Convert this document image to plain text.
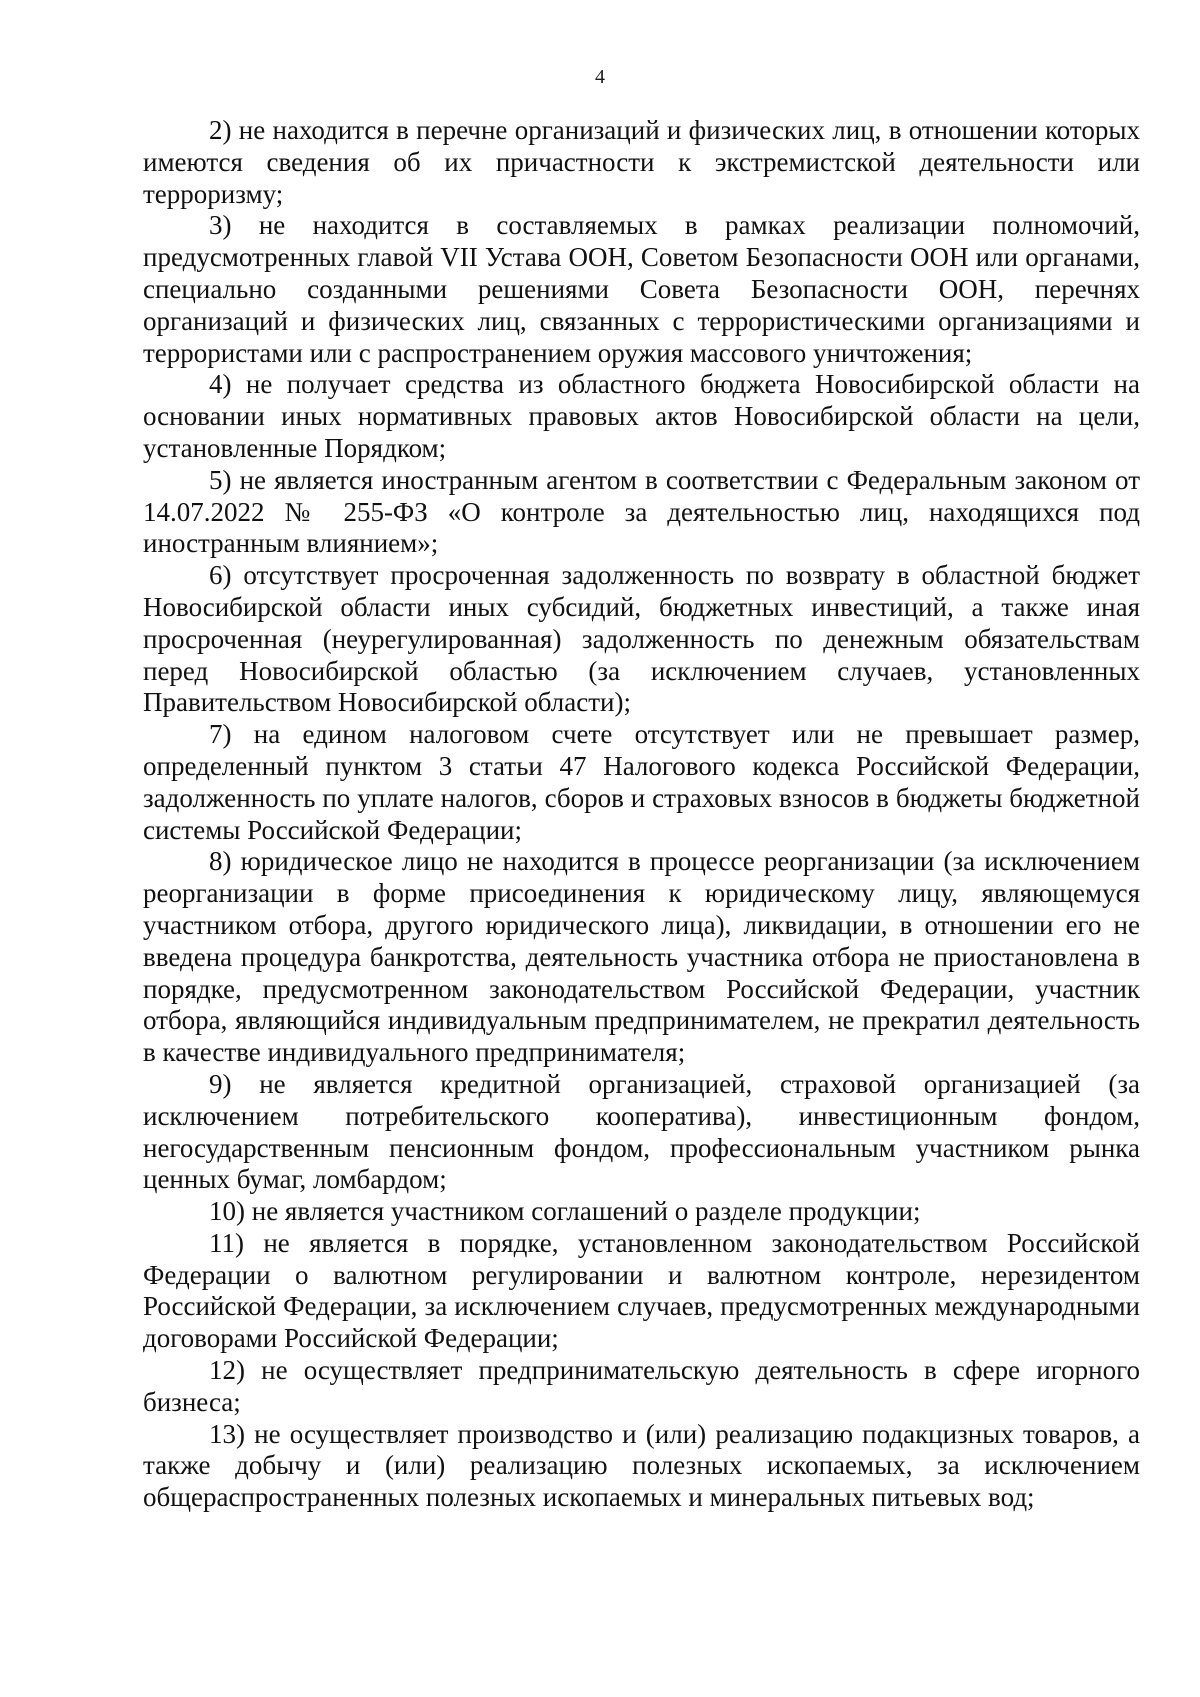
4

2) не находится в перечне организаций и физических лиц, в отношении которых имеются сведения об их причастности к экстремистской деятельности или терроризму;

3) не находится в составляемых в рамках реализации полномочий, предусмотренных главой VII Устава ООН, Советом Безопасности ООН или органами, специально созданными решениями Совета Безопасности ООН, перечнях организаций и физических лиц, связанных с террористическими организациями и террористами или с распространением оружия массового уничтожения;

4) не получает средства из областного бюджета Новосибирской области на основании иных нормативных правовых актов Новосибирской области на цели, установленные Порядком;

5) не является иностранным агентом в соответствии с Федеральным законом от 14.07.2022 № 255-ФЗ «О контроле за деятельностью лиц, находящихся под иностранным влиянием»;

6) отсутствует просроченная задолженность по возврату в областной бюджет Новосибирской области иных субсидий, бюджетных инвестиций, а также иная просроченная (неурегулированная) задолженность по денежным обязательствам перед Новосибирской областью (за исключением случаев, установленных Правительством Новосибирской области);

7) на едином налоговом счете отсутствует или не превышает размер, определенный пунктом 3 статьи 47 Налогового кодекса Российской Федерации, задолженность по уплате налогов, сборов и страховых взносов в бюджеты бюджетной системы Российской Федерации;

8) юридическое лицо не находится в процессе реорганизации (за исключением реорганизации в форме присоединения к юридическому лицу, являющемуся участником отбора, другого юридического лица), ликвидации, в отношении его не введена процедура банкротства, деятельность участника отбора не приостановлена в порядке, предусмотренном законодательством Российской Федерации, участник отбора, являющийся индивидуальным предпринимателем, не прекратил деятельность в качестве индивидуального предпринимателя;

9) не является кредитной организацией, страховой организацией (за исключением потребительского кооператива), инвестиционным фондом, негосударственным пенсионным фондом, профессиональным участником рынка ценных бумаг, ломбардом;

10) не является участником соглашений о разделе продукции;

11) не является в порядке, установленном законодательством Российской Федерации о валютном регулировании и валютном контроле, нерезидентом Российской Федерации, за исключением случаев, предусмотренных международными договорами Российской Федерации;

12) не осуществляет предпринимательскую деятельность в сфере игорного бизнеса;

13) не осуществляет производство и (или) реализацию подакцизных товаров, а также добычу и (или) реализацию полезных ископаемых, за исключением общераспространенных полезных ископаемых и минеральных питьевых вод;
